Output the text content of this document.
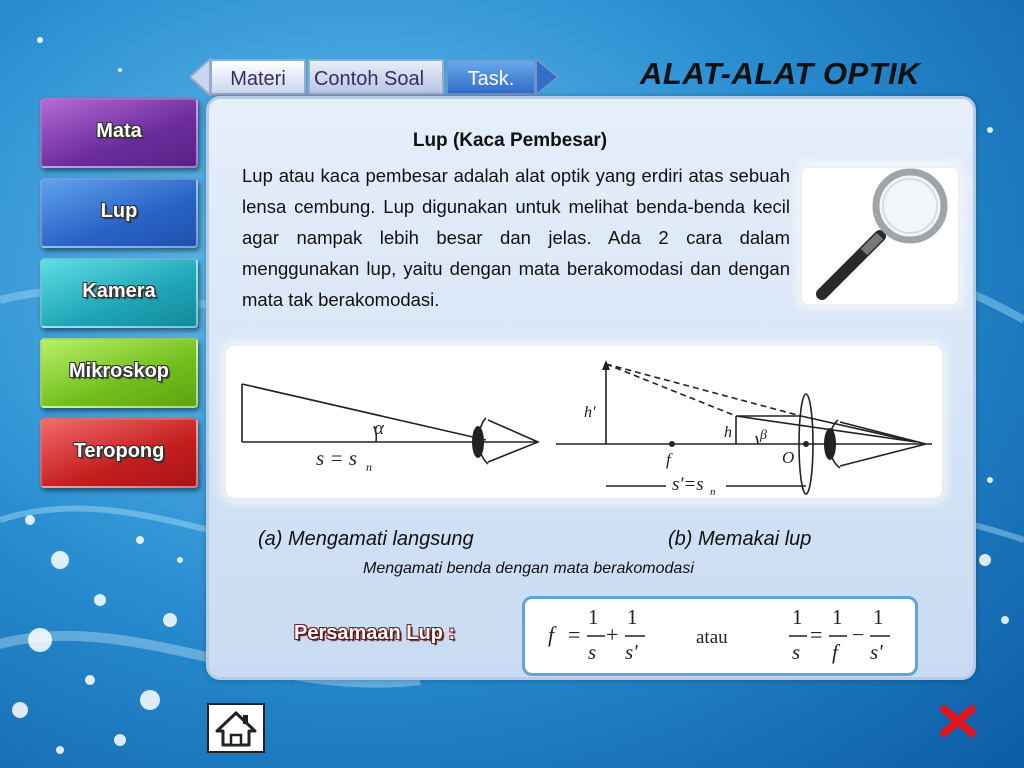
Materi	Contoh Soal	Task.	ALAT-ALAT OPTIK
Mata
Lup
Kamera
Mikroskop
Teropong
Lup (Kaca Pembesar)
Lup atau kaca pembesar adalah alat optik yang erdiri atas sebuah lensa cembung. Lup digunakan untuk melihat benda-benda kecil agar nampak lebih besar dan jelas. Ada 2 cara dalam menggunakan lup, yaitu dengan mata berakomodasi dan dengan mata tak berakomodasi.
α
s = s n
h'
h β
f	O
s'=s n
(a) Mengamati langsung	(b) Memakai lup
Mengamati benda dengan mata berakomodasi
Persamaan Lup :	f =
1
s
+
1
s'
atau
1
s
=
1
f
−
1
s'
